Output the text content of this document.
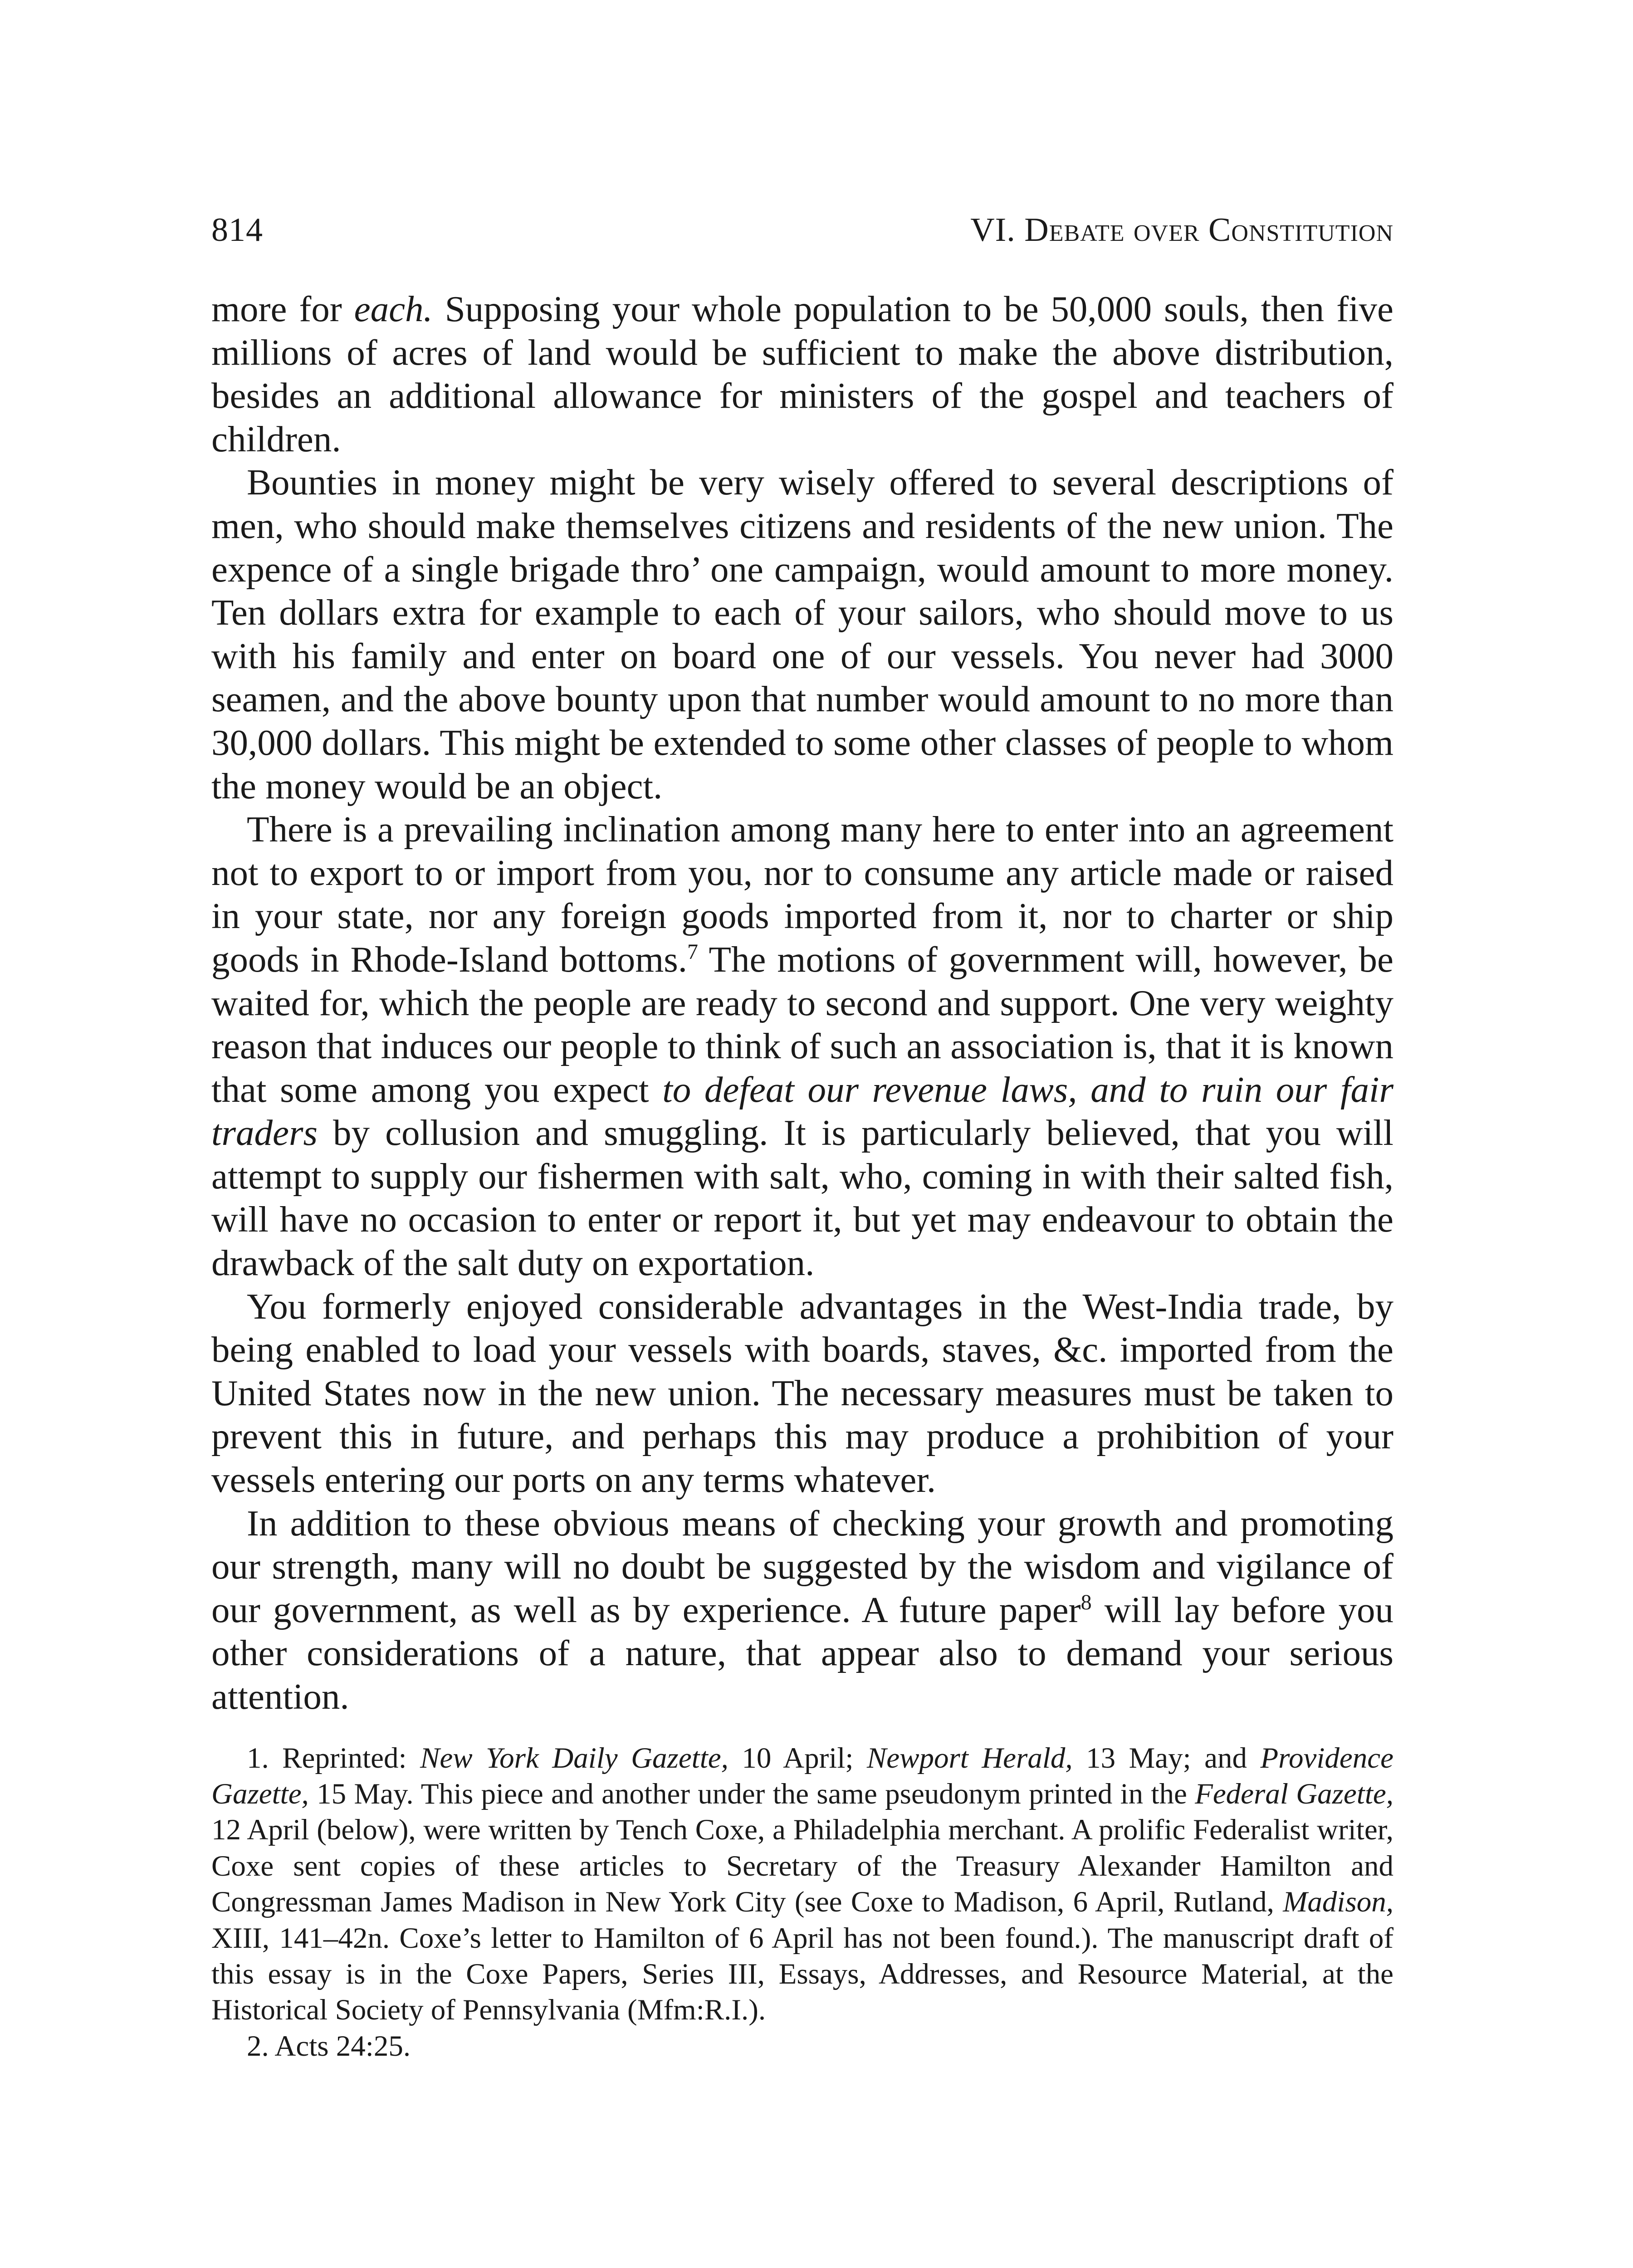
814	VI. Debate over Constitution

more for each. Supposing your whole population to be 50,000 souls, then five millions of acres of land would be sufficient to make the above distribution, besides an additional allowance for ministers of the gospel and teachers of children.

Bounties in money might be very wisely offered to several descriptions of men, who should make themselves citizens and residents of the new union. The expence of a single brigade thro’ one campaign, would amount to more money. Ten dollars extra for example to each of your sailors, who should move to us with his family and enter on board one of our vessels. You never had 3000 seamen, and the above bounty upon that number would amount to no more than 30,000 dollars. This might be extended to some other classes of people to whom the money would be an object.

There is a prevailing inclination among many here to enter into an agreement not to export to or import from you, nor to consume any article made or raised in your state, nor any foreign goods imported from it, nor to charter or ship goods in Rhode-Island bottoms.$^7$ The motions of government will, however, be waited for, which the people are ready to second and support. One very weighty reason that induces our people to think of such an association is, that it is known that some among you expect to defeat our revenue laws, and to ruin our fair traders by collusion and smuggling. It is particularly believed, that you will attempt to supply our fishermen with salt, who, coming in with their salted fish, will have no occasion to enter or report it, but yet may endeavour to obtain the drawback of the salt duty on exportation.

You formerly enjoyed considerable advantages in the West-India trade, by being enabled to load your vessels with boards, staves, &c. imported from the United States now in the new union. The necessary measures must be taken to prevent this in future, and perhaps this may produce a prohibition of your vessels entering our ports on any terms whatever.

In addition to these obvious means of checking your growth and promoting our strength, many will no doubt be suggested by the wisdom and vigilance of our government, as well as by experience. A future paper$^8$ will lay before you other considerations of a nature, that appear also to demand your serious attention.

1. Reprinted: New York Daily Gazette, 10 April; Newport Herald, 13 May; and Providence Gazette, 15 May. This piece and another under the same pseudonym printed in the Federal Gazette, 12 April (below), were written by Tench Coxe, a Philadelphia merchant. A prolific Federalist writer, Coxe sent copies of these articles to Secretary of the Treasury Alexander Hamilton and Congressman James Madison in New York City (see Coxe to Madison, 6 April, Rutland, Madison, XIII, 141–42n. Coxe’s letter to Hamilton of 6 April has not been found.). The manuscript draft of this essay is in the Coxe Papers, Series III, Essays, Addresses, and Resource Material, at the Historical Society of Pennsylvania (Mfm:R.I.).

2. Acts 24:25.
